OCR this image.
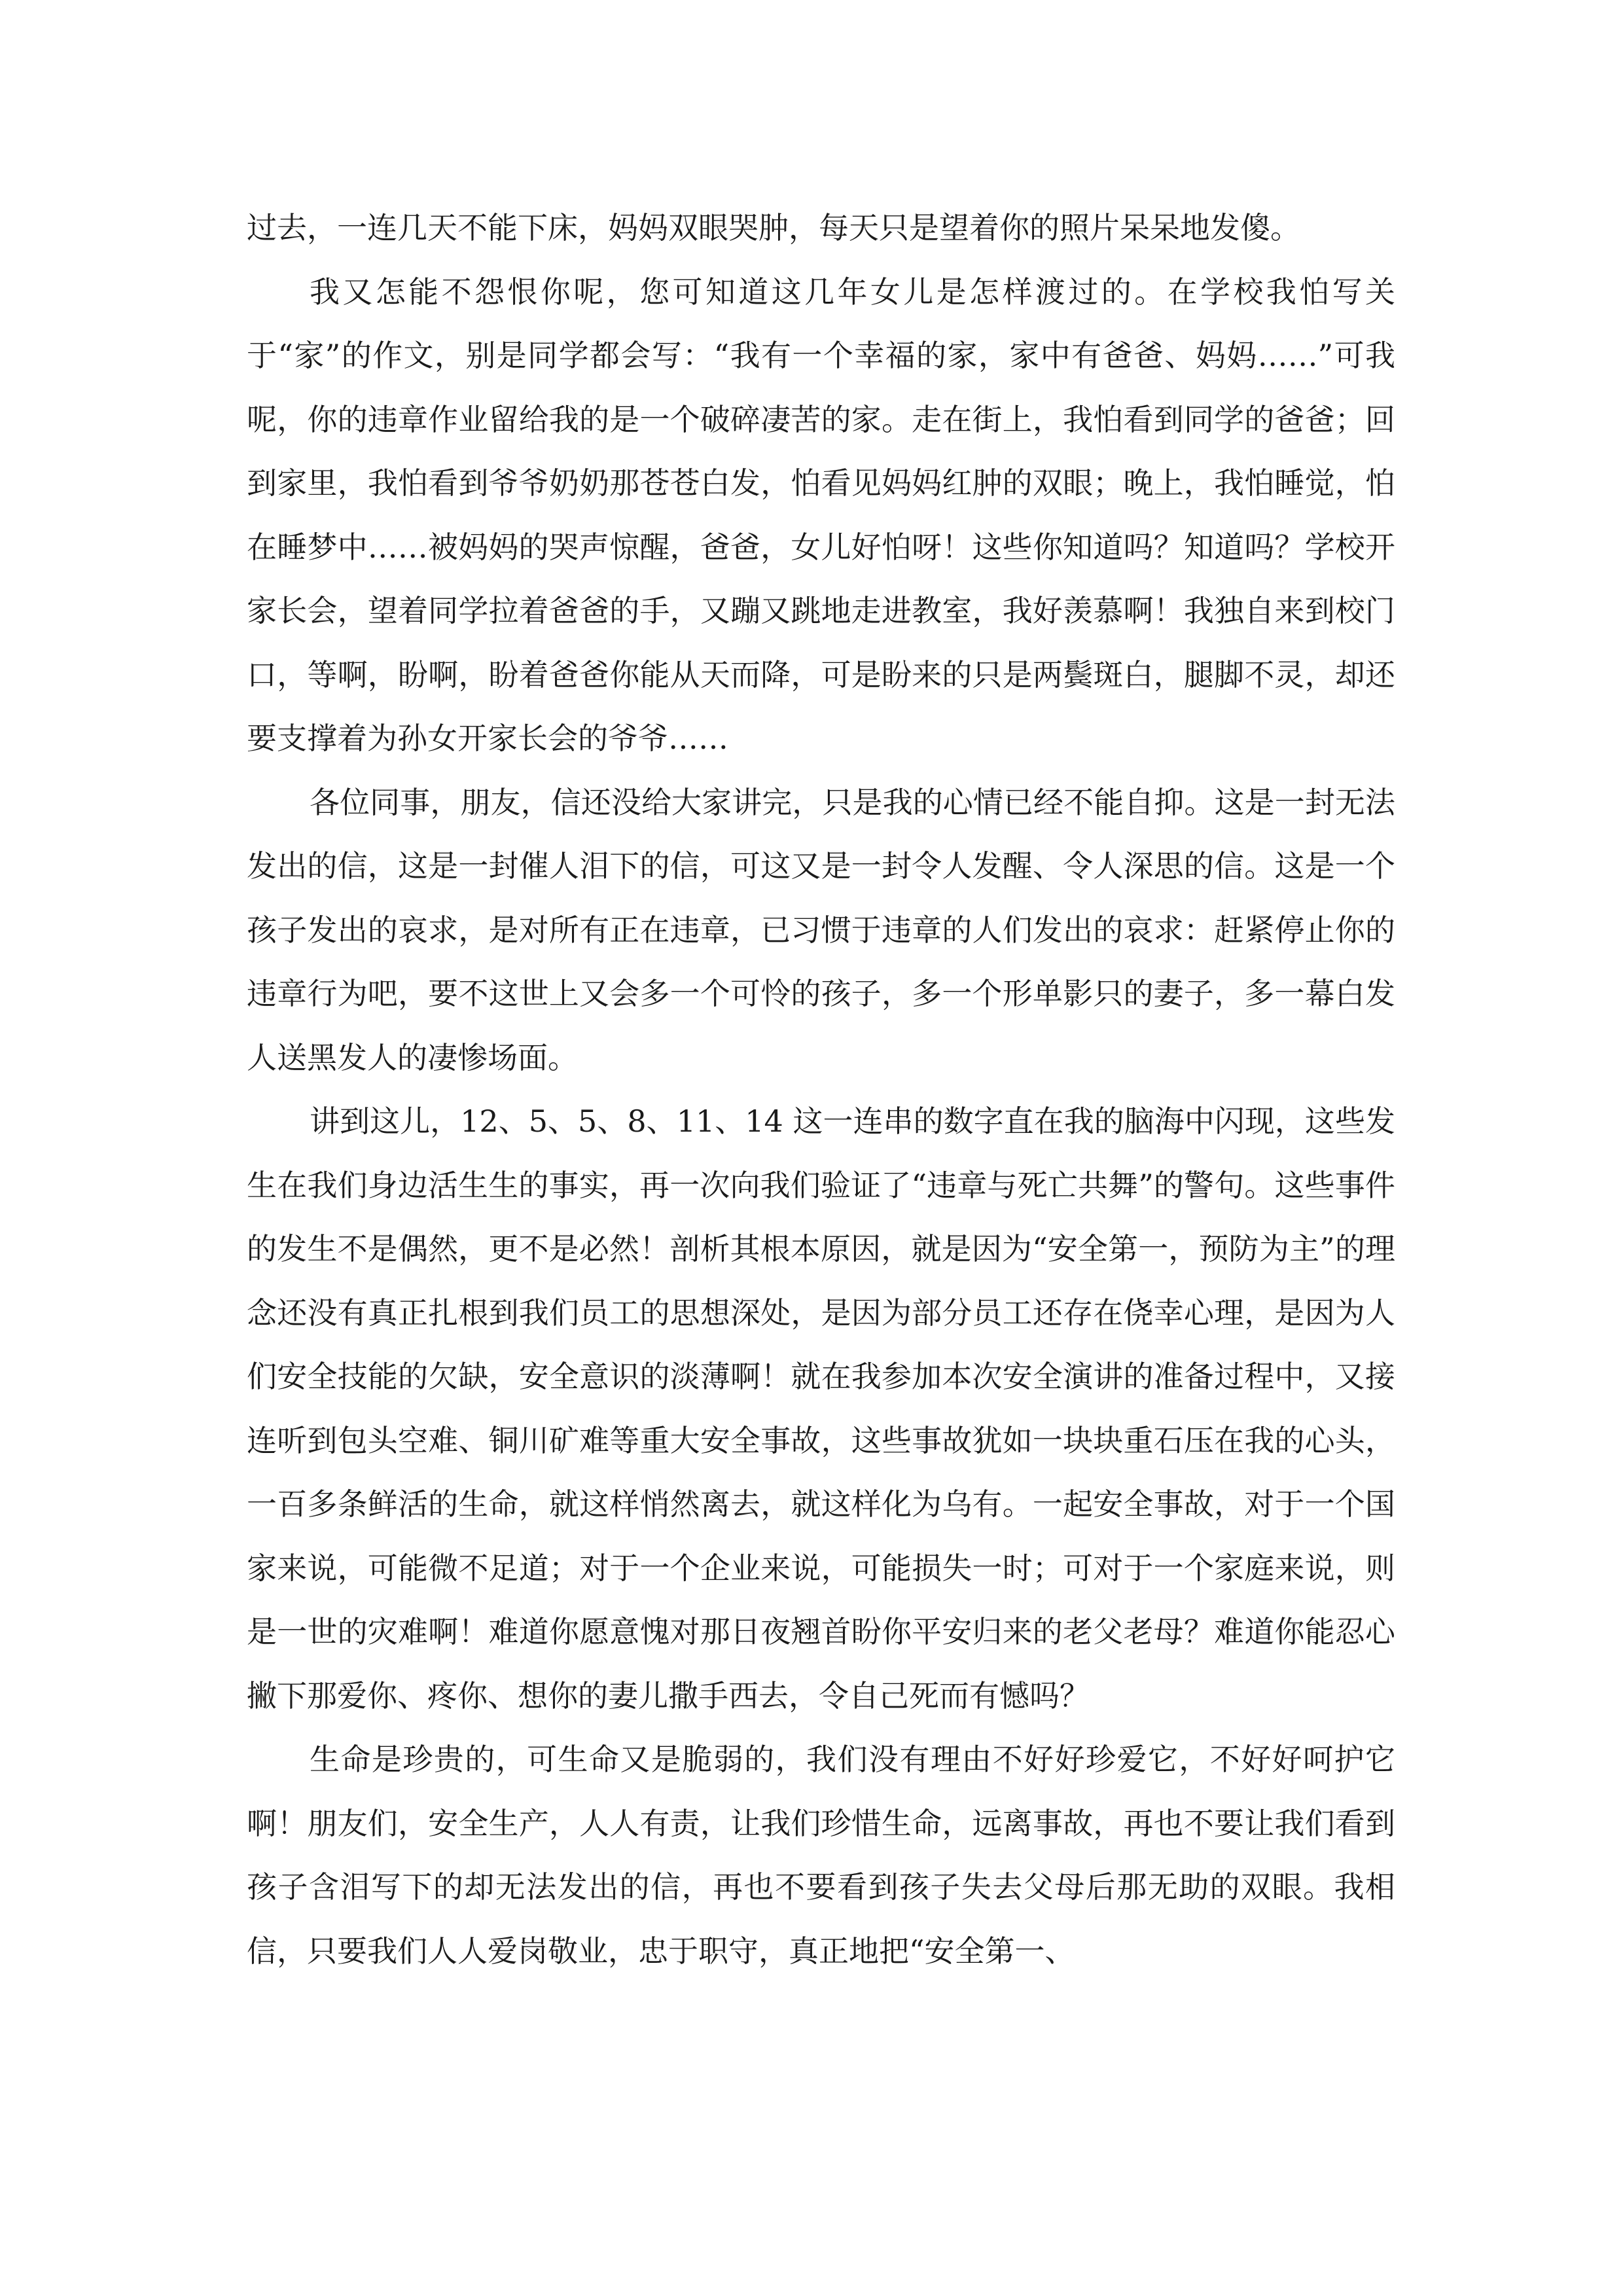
过去，一连几天不能下床，妈妈双眼哭肿，每天只是望着你的照片呆呆地发傻。

我又怎能不怨恨你呢，您可知道这几年女儿是怎样渡过的。在学校我怕写关于“家”的作文，别是同学都会写：“我有一个幸福的家，家中有爸爸、妈妈……”可我呢，你的违章作业留给我的是一个破碎凄苦的家。走在街上，我怕看到同学的爸爸；回到家里，我怕看到爷爷奶奶那苍苍白发，怕看见妈妈红肿的双眼；晚上，我怕睡觉，怕在睡梦中……被妈妈的哭声惊醒，爸爸，女儿好怕呀！这些你知道吗？知道吗？学校开家长会，望着同学拉着爸爸的手，又蹦又跳地走进教室，我好羡慕啊！我独自来到校门口，等啊，盼啊，盼着爸爸你能从天而降，可是盼来的只是两鬓斑白，腿脚不灵，却还要支撑着为孙女开家长会的爷爷……

各位同事，朋友，信还没给大家讲完，只是我的心情已经不能自抑。这是一封无法发出的信，这是一封催人泪下的信，可这又是一封令人发醒、令人深思的信。这是一个孩子发出的哀求，是对所有正在违章，已习惯于违章的人们发出的哀求：赶紧停止你的违章行为吧，要不这世上又会多一个可怜的孩子，多一个形单影只的妻子，多一幕白发人送黑发人的凄惨场面。

讲到这儿，12、5、5、8、11、14 这一连串的数字直在我的脑海中闪现，这些发生在我们身边活生生的事实，再一次向我们验证了“违章与死亡共舞”的警句。这些事件的发生不是偶然，更不是必然！剖析其根本原因，就是因为“安全第一，预防为主”的理念还没有真正扎根到我们员工的思想深处，是因为部分员工还存在侥幸心理，是因为人们安全技能的欠缺，安全意识的淡薄啊！就在我参加本次安全演讲的准备过程中，又接连听到包头空难、铜川矿难等重大安全事故，这些事故犹如一块块重石压在我的心头，一百多条鲜活的生命，就这样悄然离去，就这样化为乌有。一起安全事故，对于一个国家来说，可能微不足道；对于一个企业来说，可能损失一时；可对于一个家庭来说，则是一世的灾难啊！难道你愿意愧对那日夜翘首盼你平安归来的老父老母？难道你能忍心撇下那爱你、疼你、想你的妻儿撒手西去，令自己死而有憾吗？

生命是珍贵的，可生命又是脆弱的，我们没有理由不好好珍爱它，不好好呵护它啊！朋友们，安全生产，人人有责，让我们珍惜生命，远离事故，再也不要让我们看到孩子含泪写下的却无法发出的信，再也不要看到孩子失去父母后那无助的双眼。我相信，只要我们人人爱岗敬业，忠于职守，真正地把“安全第一、
